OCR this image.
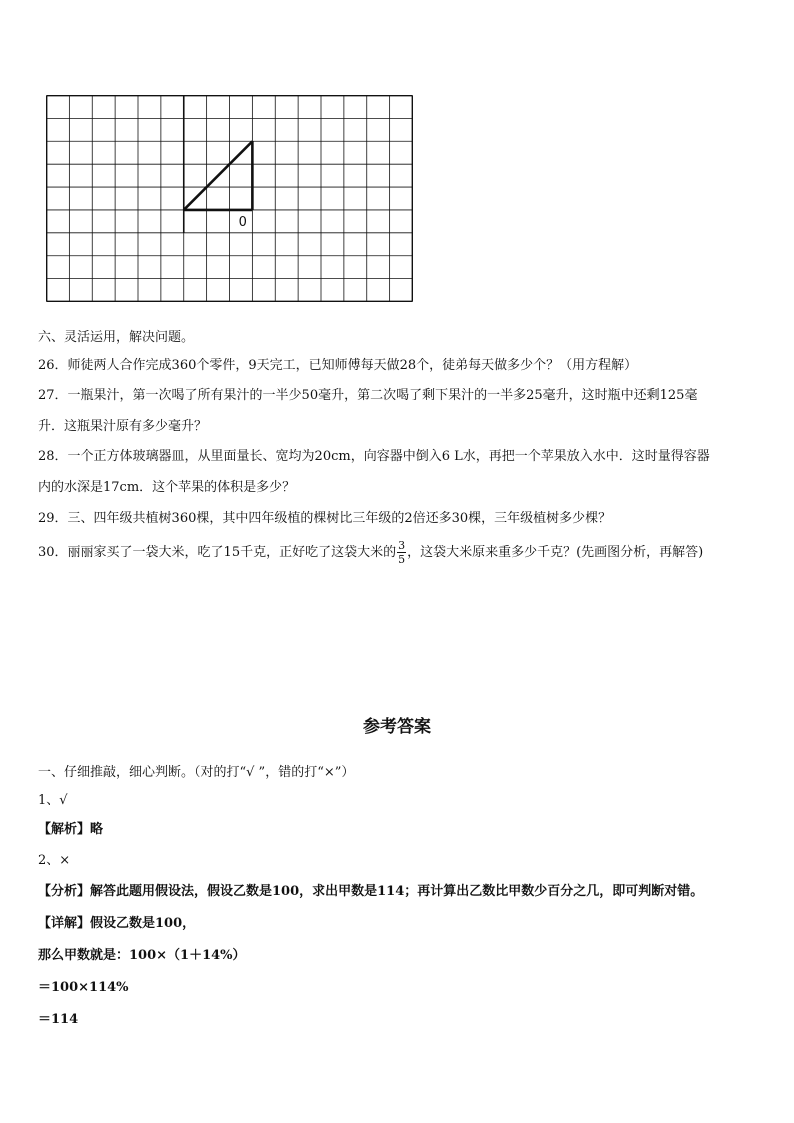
0
六、灵活运用，解决问题。
26．师徒两人合作完成360个零件，9天完工，已知师傅每天做28个，徒弟每天做多少个？（用方程解）
27．一瓶果汁，第一次喝了所有果汁的一半少50毫升，第二次喝了剩下果汁的一半多25毫升，这时瓶中还剩125毫
升．这瓶果汁原有多少毫升？
28．一个正方体玻璃器皿，从里面量长、宽均为20cm，向容器中倒入6 L水，再把一个苹果放入水中．这时量得容器
内的水深是17cm．这个苹果的体积是多少？
29．三、四年级共植树360棵，其中四年级植的棵树比三年级的2倍还多30棵，三年级植树多少棵？
30．丽丽家买了一袋大米，吃了15千克，正好吃了这袋大米的 $\frac{3}{5}$ ，这袋大米原来重多少千克？(先画图分析，再解答)
参考答案
一、仔细推敲，细心判断。（对的打“√ ”，错的打“×”）
1、√
【解析】略
2、×
【分析】解答此题用假设法，假设乙数是100，求出甲数是114；再计算出乙数比甲数少百分之几，即可判断对错。
【详解】假设乙数是100，
那么甲数就是：100×（1＋14%）
＝100×114%
＝114
